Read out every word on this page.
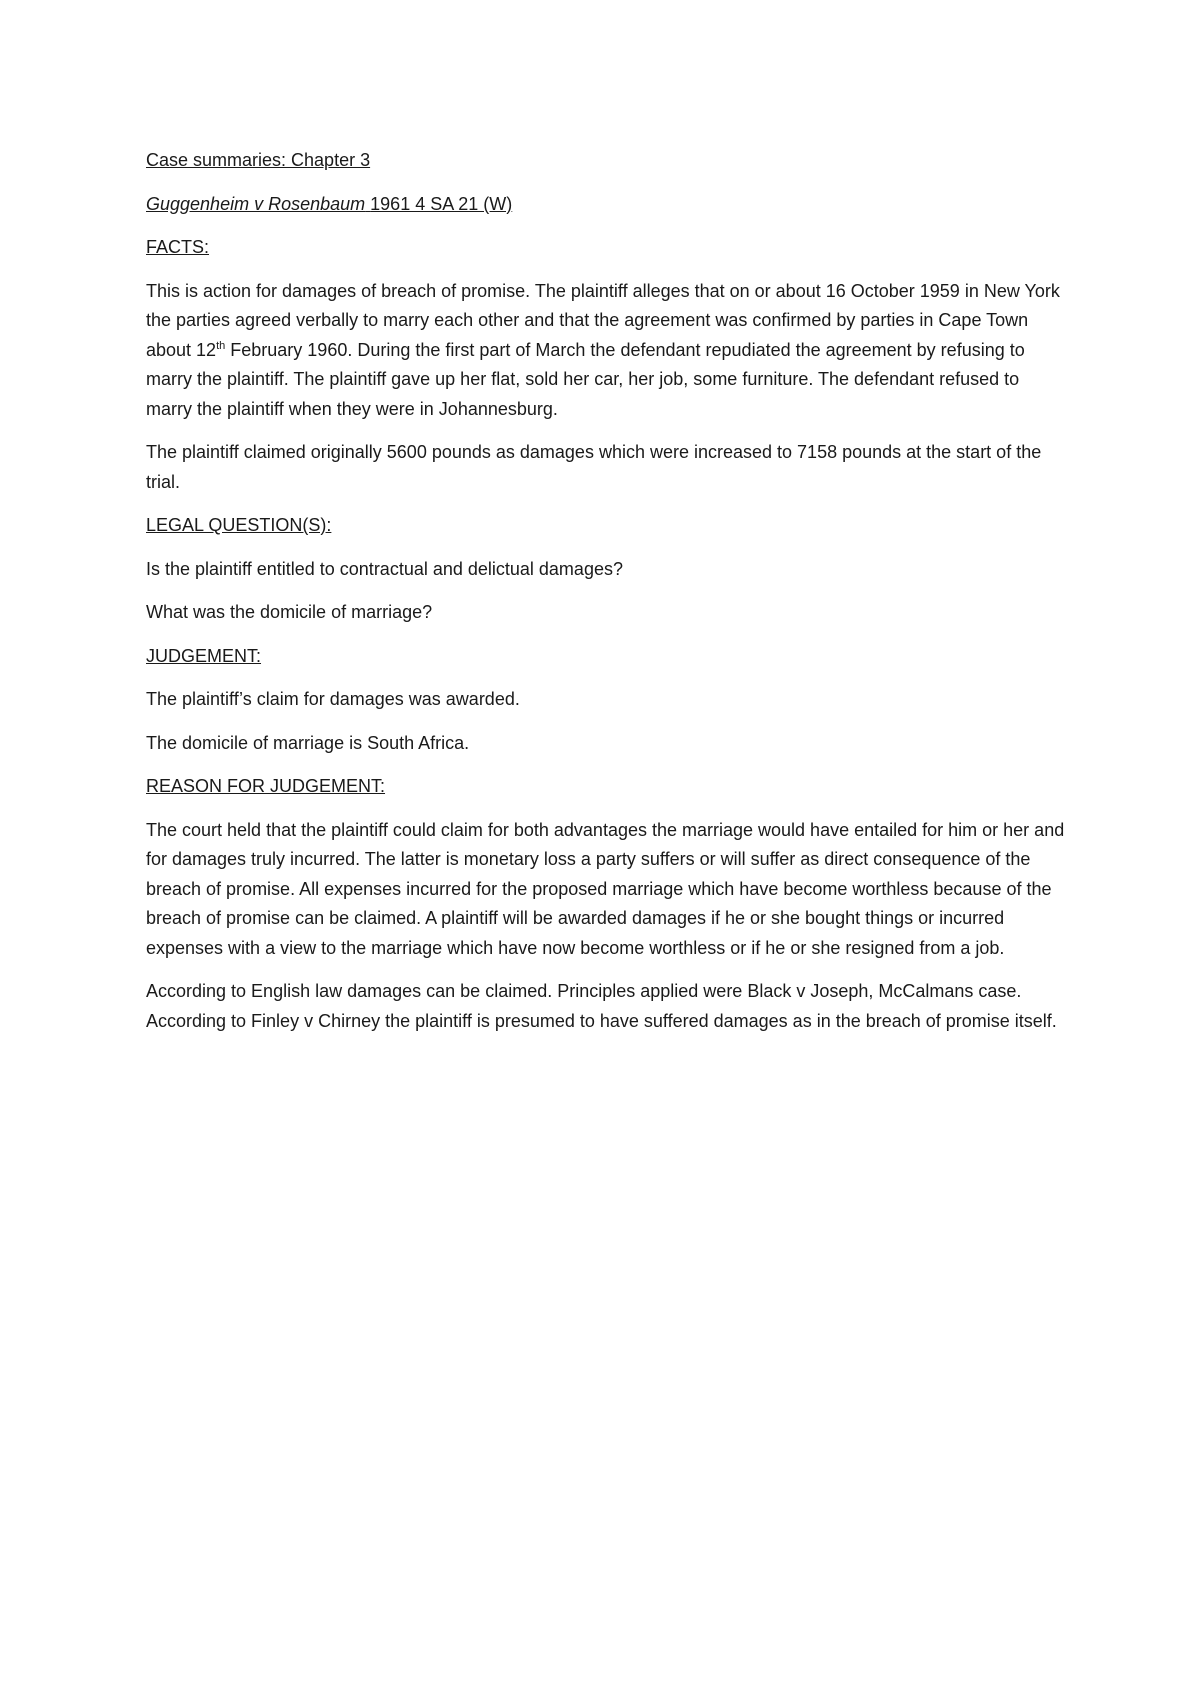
Case summaries: Chapter 3

Guggenheim v Rosenbaum 1961 4 SA 21 (W)

FACTS:

This is action for damages of breach of promise. The plaintiff alleges that on or about 16 October 1959 in New York the parties agreed verbally to marry each other and that the agreement was confirmed by parties in Cape Town about 12th February 1960. During the first part of March the defendant repudiated the agreement by refusing to marry the plaintiff. The plaintiff gave up her flat, sold her car, her job, some furniture. The defendant refused to marry the plaintiff when they were in Johannesburg.

The plaintiff claimed originally 5600 pounds as damages which were increased to 7158 pounds at the start of the trial.

LEGAL QUESTION(S):

Is the plaintiff entitled to contractual and delictual damages?

What was the domicile of marriage?

JUDGEMENT:

The plaintiff’s claim for damages was awarded.

The domicile of marriage is South Africa.

REASON FOR JUDGEMENT:

The court held that the plaintiff could claim for both advantages the marriage would have entailed for him or her and for damages truly incurred. The latter is monetary loss a party suffers or will suffer as direct consequence of the breach of promise. All expenses incurred for the proposed marriage which have become worthless because of the breach of promise can be claimed. A plaintiff will be awarded damages if he or she bought things or incurred expenses with a view to the marriage which have now become worthless or if he or she resigned from a job.

According to English law damages can be claimed. Principles applied were Black v Joseph, McCalmans case. According to Finley v Chirney the plaintiff is presumed to have suffered damages as in the breach of promise itself.
